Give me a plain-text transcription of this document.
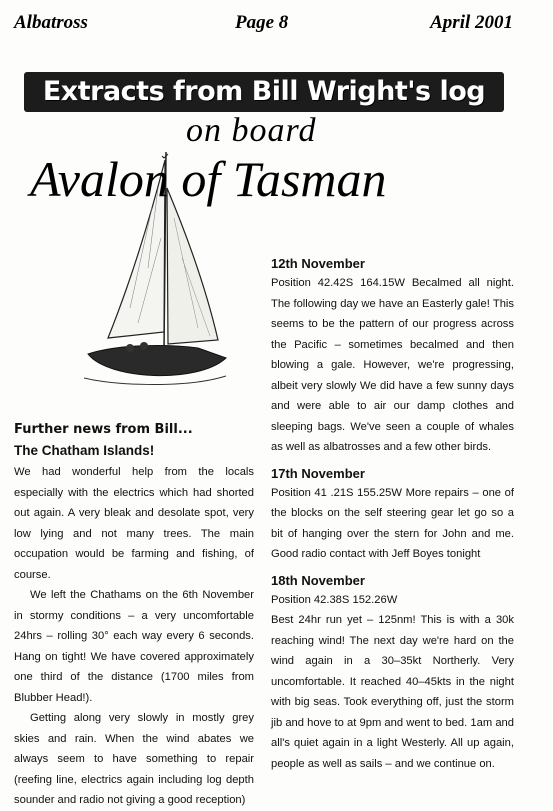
Albatross	Page 8	April 2001
Extracts from Bill Wright's log
on board
Avalon of Tasman
Further news from Bill...
The Chatham Islands!

We had wonderful help from the locals especially with the electrics which had shorted out again. A very bleak and desolate spot, very low lying and not many trees. The main occupation would be farming and fishing, of course.

We left the Chathams on the 6th November in stormy conditions – a very uncomfortable 24hrs – rolling 30° each way every 6 seconds. Hang on tight! We have covered approximately one third of the distance (1700 miles from Blubber Head!).

Getting along very slowly in mostly grey skies and rain. When the wind abates we always seem to have something to repair (reefing line, electrics again including log depth sounder and radio not giving a good reception)

12th November

Position 42.42S 164.15W Becalmed all night. The following day we have an Easterly gale! This seems to be the pattern of our progress across the Pacific – sometimes becalmed and then blowing a gale. However, we're progressing, albeit very slowly We did have a few sunny days and were able to air our damp clothes and sleeping bags. We've seen a couple of whales as well as albatrosses and a few other birds.

17th November

Position 41 .21S 155.25W More repairs – one of the blocks on the self steering gear let go so a bit of hanging over the stern for John and me. Good radio contact with Jeff Boyes tonight

18th November

Position 42.38S 152.26W
Best 24hr run yet – 125nm! This is with a 30k reaching wind! The next day we're hard on the wind again in a 30–35kt Northerly. Very uncomfortable. It reached 40–45kts in the night with big seas. Took everything off, just the storm jib and hove to at 9pm and went to bed. 1am and all's quiet again in a light Westerly. All up again, people as well as sails – and we continue on.
